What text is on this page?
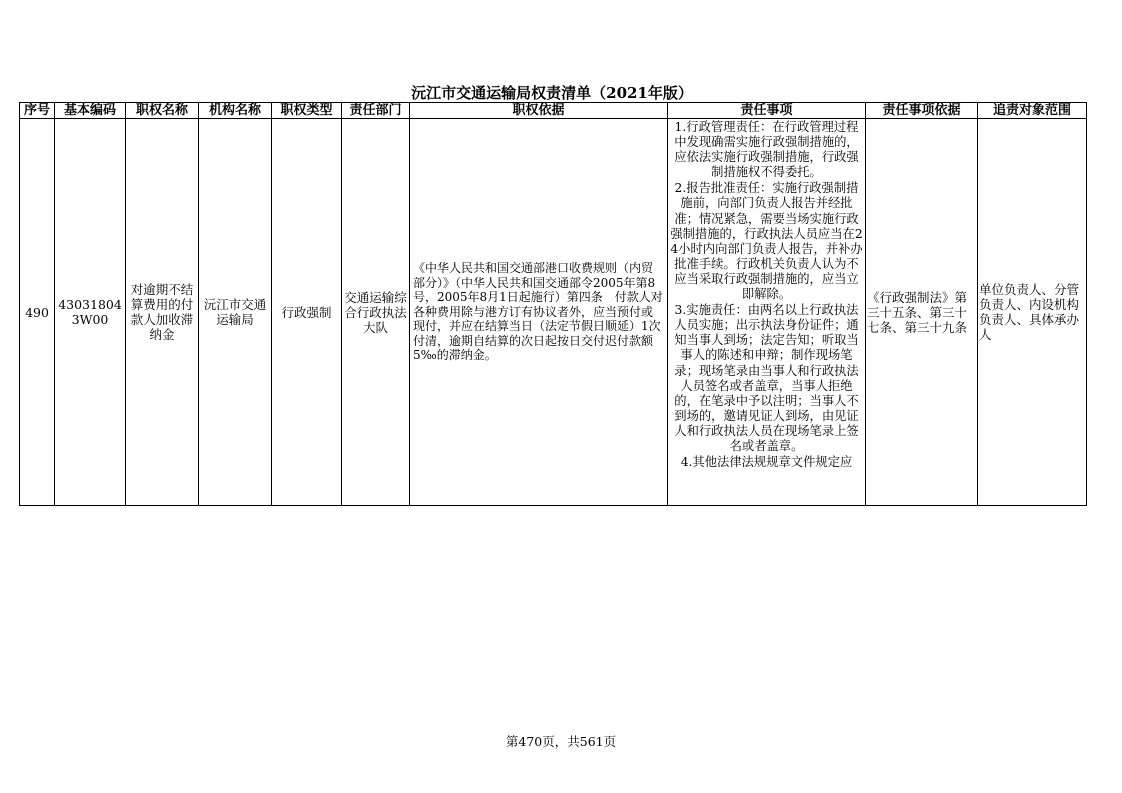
沅江市交通运输局权责清单（2021年版）
序号	基本编码	职权名称	机构名称	职权类型	责任部门	职权依据	责任事项	责任事项依据	追责对象范围
490	430318043W00	对逾期不结算费用的付款人加收滞纳金	沅江市交通运输局	行政强制	交通运输综合行政执法大队	《中华人民共和国交通部港口收费规则（内贸部分）》（中华人民共和国交通部令2005年第8号，2005年8月1日起施行）第四条　付款人对各种费用除与港方订有协议者外，应当预付或现付，并应在结算当日（法定节假日顺延）1次付清，逾期自结算的次日起按日交付迟付款额5‰的滞纳金。	1.行政管理责任：在行政管理过程中发现确需实施行政强制措施的，应依法实施行政强制措施，行政强制措施权不得委托。

2.报告批准责任：实施行政强制措施前，向部门负责人报告并经批准；情况紧急，需要当场实施行政强制措施的，行政执法人员应当在24小时内向部门负责人报告，并补办批准手续。行政机关负责人认为不应当采取行政强制措施的，应当立即解除。

3.实施责任：由两名以上行政执法人员实施；出示执法身份证件；通知当事人到场；法定告知；听取当事人的陈述和申辩；制作现场笔录；现场笔录由当事人和行政执法人员签名或者盖章，当事人拒绝的，在笔录中予以注明；当事人不到场的，邀请见证人到场，由见证人和行政执法人员在现场笔录上签名或者盖章。

4.其他法律法规规章文件规定应	《行政强制法》第三十五条、第三十七条、第三十九条	单位负责人、分管负责人、内设机构负责人、具体承办人
第470页，共561页
